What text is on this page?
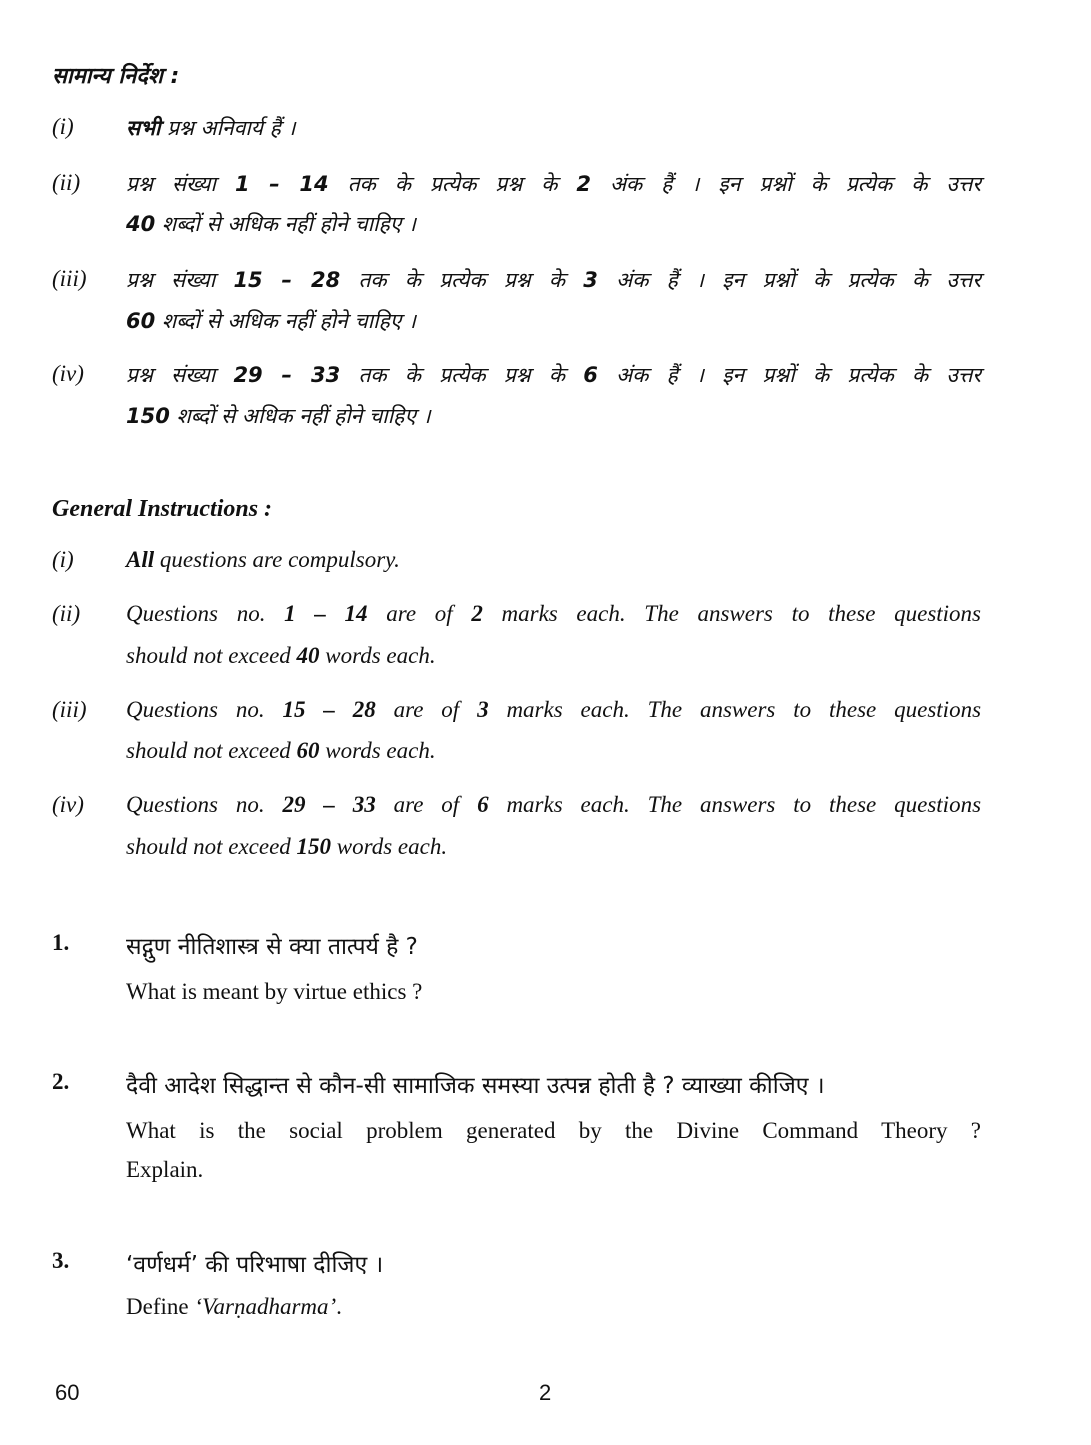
सामान्य निर्देश :
(i) सभी प्रश्न अनिवार्य हैं ।
(ii) प्रश्न संख्या 1 – 14 तक के प्रत्येक प्रश्न के 2 अंक हैं । इन प्रश्नों के प्रत्येक के उत्तर
40 शब्दों से अधिक नहीं होने चाहिए ।
(iii) प्रश्न संख्या 15 – 28 तक के प्रत्येक प्रश्न के 3 अंक हैं । इन प्रश्नों के प्रत्येक के उत्तर
60 शब्दों से अधिक नहीं होने चाहिए ।
(iv) प्रश्न संख्या 29 – 33 तक के प्रत्येक प्रश्न के 6 अंक हैं । इन प्रश्नों के प्रत्येक के उत्तर
150 शब्दों से अधिक नहीं होने चाहिए ।
General Instructions :
(i) All questions are compulsory.
(ii) Questions no. 1 – 14 are of 2 marks each. The answers to these questions
should not exceed 40 words each.
(iii) Questions no. 15 – 28 are of 3 marks each. The answers to these questions
should not exceed 60 words each.
(iv) Questions no. 29 – 33 are of 6 marks each. The answers to these questions
should not exceed 150 words each.
1. सद्गुण नीतिशास्त्र से क्या तात्पर्य है ?
What is meant by virtue ethics ?
2. दैवी आदेश सिद्धान्त से कौन-सी सामाजिक समस्या उत्पन्न होती है ? व्याख्या कीजिए ।
What is the social problem generated by the Divine Command Theory ?
Explain.
3. ‘वर्णधर्म’ की परिभाषा दीजिए ।
Define ‘Varṇadharma’.
60	2
